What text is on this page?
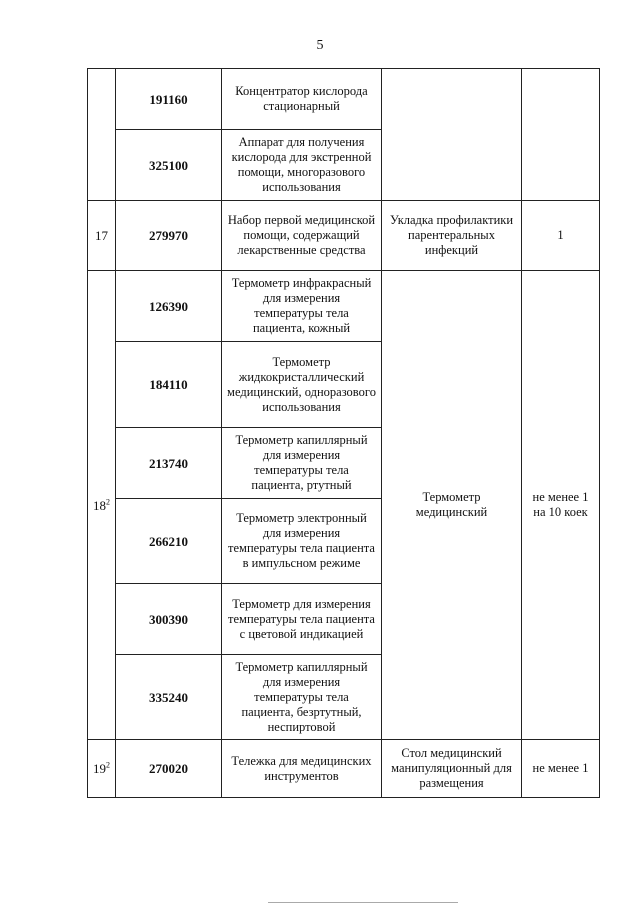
5
	191160	Концентратор кислорода стационарный		
	325100	Аппарат для получения кислорода для экстренной помощи, многоразового использования		
17	279970	Набор первой медицинской помощи, содержащий лекарственные средства	Укладка профилактики парентеральных инфекций	1
$18^2$	126390	Термометр инфракрасный для измерения температуры тела пациента, кожный	Термометр медицинский	не менее 1 на 10 коек
	184110	Термометр жидкокристаллический медицинский, одноразового использования		
	213740	Термометр капиллярный для измерения температуры тела пациента, ртутный		
	266210	Термометр электронный для измерения температуры тела пациента в импульсном режиме		
	300390	Термометр для измерения температуры тела пациента с цветовой индикацией		
	335240	Термометр капиллярный для измерения температуры тела пациента, безртутный, неспиртовой		
$19^2$	270020	Тележка для медицинских инструментов	Стол медицинский манипуляционный для размещения	не менее 1
